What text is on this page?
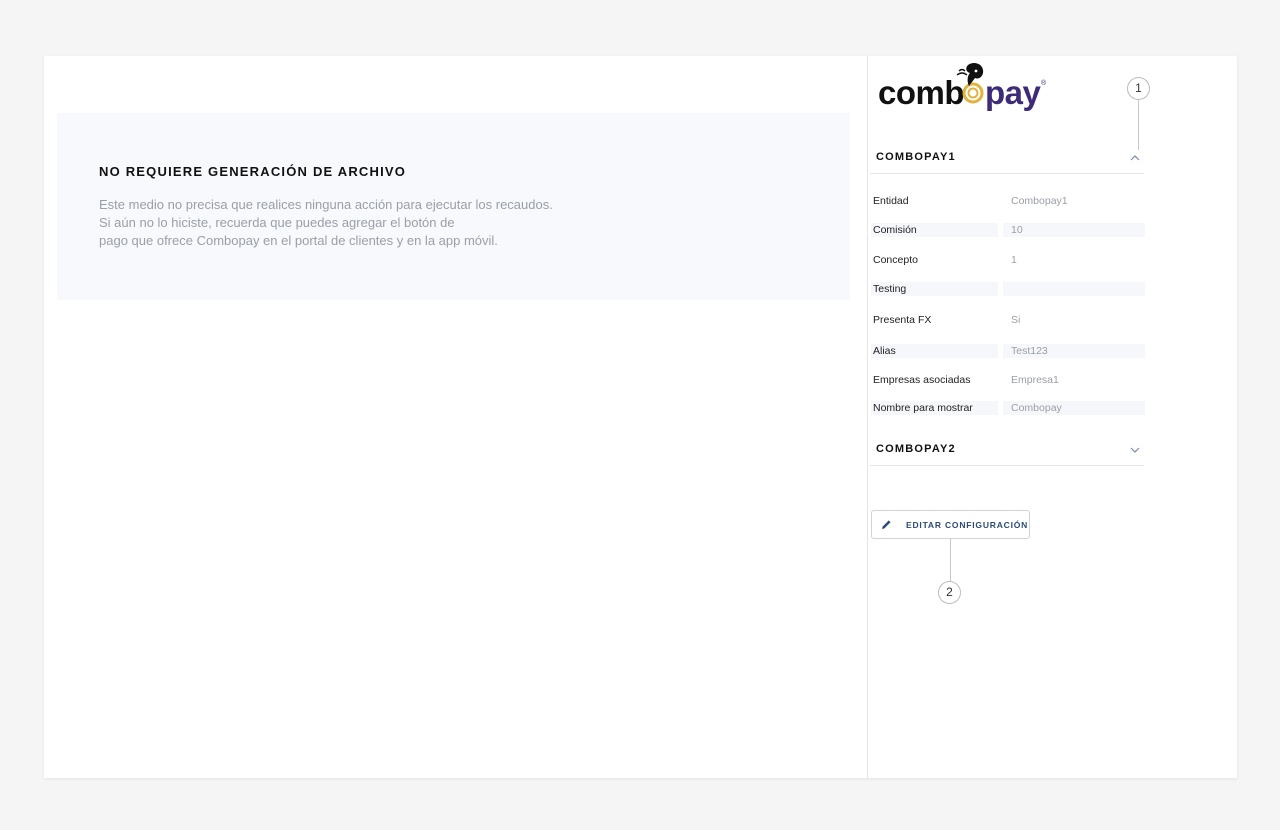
NO REQUIERE GENERACIÓN DE ARCHIVO
Este medio no precisa que realices ninguna acción para ejecutar los recaudos.
Si aún no lo hiciste, recuerda que puedes agregar el botón de
pago que ofrece Combopay en el portal de clientes y en la app móvil.
comb pay ®	1
2
COMBOPAY1
Entidad	Combopay1
Comisión	10
Concepto	1
Testing
Presenta FX	Si
Alias	Test123
Empresas asociadas	Empresa1
Nombre para mostrar	Combopay
COMBOPAY2
EDITAR CONFIGURACIÓN
